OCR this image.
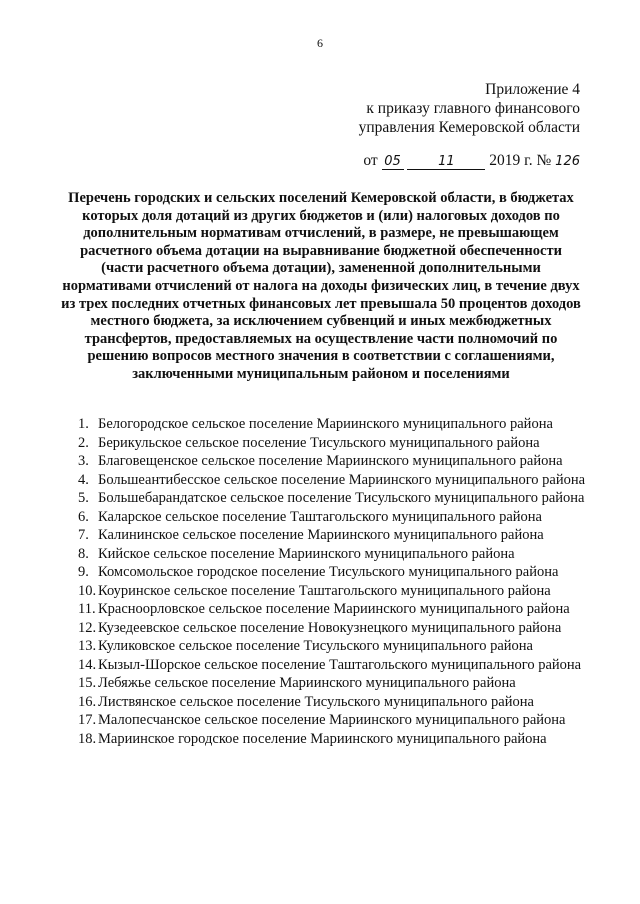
6
Приложение 4
к приказу главного финансового
управления Кемеровской области
от 05	11 2019 г. № 126
Перечень городских и сельских поселений Кемеровской области, в бюджетах которых доля дотаций из других бюджетов и (или) налоговых доходов по дополнительным нормативам отчислений, в размере, не превышающем расчетного объема дотации на выравнивание бюджетной обеспеченности (части расчетного объема дотации), замененной дополнительными нормативами отчислений от налога на доходы физических лиц, в течение двух из трех последних отчетных финансовых лет превышала 50 процентов доходов местного бюджета, за исключением субвенций и иных межбюджетных трансфертов, предоставляемых на осуществление части полномочий по решению вопросов местного значения в соответствии с соглашениями, заключенными муниципальным районом и поселениями
1. Белогородское сельское поселение Мариинского муниципального района
2. Берикульское сельское поселение Тисульского муниципального района
3. Благовещенское сельское поселение Мариинского муниципального района
4. Большеантибесское сельское поселение Мариинского муниципального района
5. Большебарандатское сельское поселение Тисульского муниципального района
6. Каларское сельское поселение Таштагольского муниципального района
7. Калининское сельское поселение Мариинского муниципального района
8. Кийское сельское поселение Мариинского муниципального района
9. Комсомольское городское поселение Тисульского муниципального района
10. Коуринское сельское поселение Таштагольского муниципального района
11. Красноорловское сельское поселение Мариинского муниципального района
12. Кузедеевское сельское поселение Новокузнецкого муниципального района
13. Куликовское сельское поселение Тисульского муниципального района
14. Кызыл-Шорское сельское поселение Таштагольского муниципального района
15. Лебяжье сельское поселение Мариинского муниципального района
16. Листвянское сельское поселение Тисульского муниципального района
17. Малопесчанское сельское поселение Мариинского муниципального района
18. Мариинское городское поселение Мариинского муниципального района
